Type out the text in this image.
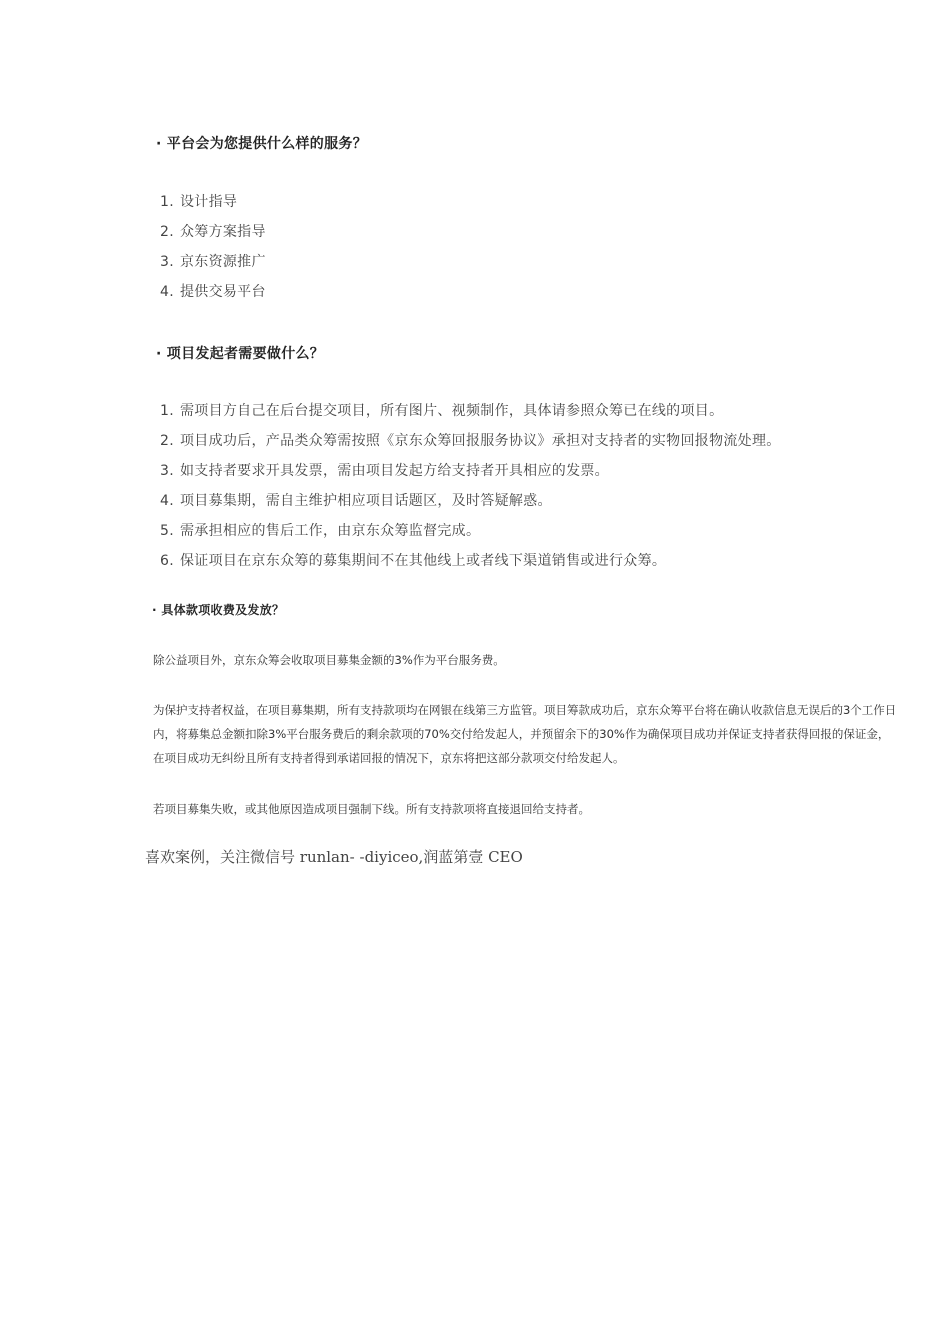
· 平台会为您提供什么样的服务？
1. 设计指导
2. 众筹方案指导
3. 京东资源推广
4. 提供交易平台
· 项目发起者需要做什么？
1. 需项目方自己在后台提交项目，所有图片、视频制作，具体请参照众筹已在线的项目。
2. 项目成功后，产品类众筹需按照《京东众筹回报服务协议》承担对支持者的实物回报物流处理。
3. 如支持者要求开具发票，需由项目发起方给支持者开具相应的发票。
4. 项目募集期，需自主维护相应项目话题区，及时答疑解惑。
5. 需承担相应的售后工作，由京东众筹监督完成。
6. 保证项目在京东众筹的募集期间不在其他线上或者线下渠道销售或进行众筹。
· 具体款项收费及发放？

除公益项目外，京东众筹会收取项目募集金额的3%作为平台服务费。

为保护支持者权益，在项目募集期，所有支持款项均在网银在线第三方监管。项目筹款成功后，京东众筹平台将在确认收款信息无误后的3个工作日内，将募集总金额扣除3%平台服务费后的剩余款项的70%交付给发起人，并预留余下的30%作为确保项目成功并保证支持者获得回报的保证金，在项目成功无纠纷且所有支持者得到承诺回报的情况下，京东将把这部分款项交付给发起人。

若项目募集失败，或其他原因造成项目强制下线。所有支持款项将直接退回给支持者。

喜欢案例，关注微信号 runlan- -diyiceo,润蓝第壹 CEO
